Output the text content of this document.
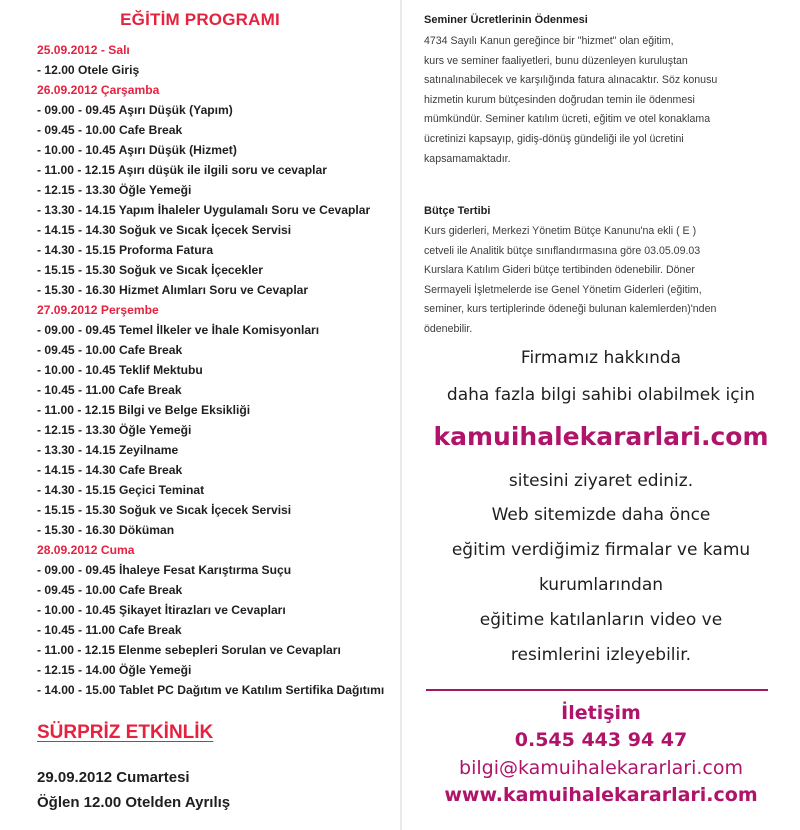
EĞİTİM PROGRAMI
25.09.2012 - Salı
- 12.00 Otele Giriş
26.09.2012 Çarşamba
- 09.00 - 09.45 Aşırı Düşük (Yapım)
- 09.45 - 10.00 Cafe Break
- 10.00 - 10.45 Aşırı Düşük (Hizmet)
- 11.00 - 12.15 Aşırı düşük ile ilgili soru ve cevaplar
- 12.15 - 13.30 Öğle Yemeği
- 13.30 - 14.15 Yapım İhaleler Uygulamalı Soru ve Cevaplar
- 14.15 - 14.30 Soğuk ve Sıcak İçecek Servisi
- 14.30 - 15.15 Proforma Fatura
- 15.15 - 15.30 Soğuk ve Sıcak İçecekler
- 15.30 - 16.30 Hizmet Alımları Soru ve Cevaplar
27.09.2012 Perşembe
- 09.00 - 09.45 Temel İlkeler ve İhale Komisyonları
- 09.45 - 10.00 Cafe Break
- 10.00 - 10.45 Teklif Mektubu
- 10.45 - 11.00 Cafe Break
- 11.00 - 12.15 Bilgi ve Belge Eksikliği
- 12.15 - 13.30 Öğle Yemeği
- 13.30 - 14.15 Zeyilname
- 14.15 - 14.30 Cafe Break
- 14.30 - 15.15 Geçici Teminat
- 15.15 - 15.30 Soğuk ve Sıcak İçecek Servisi
- 15.30 - 16.30 Döküman
28.09.2012 Cuma
- 09.00 - 09.45 İhaleye Fesat Karıştırma Suçu
- 09.45 - 10.00 Cafe Break
- 10.00 - 10.45 Şikayet İtirazları ve Cevapları
- 10.45 - 11.00 Cafe Break
- 11.00 - 12.15 Elenme sebepleri Sorulan ve Cevapları
- 12.15 - 14.00 Öğle Yemeği
- 14.00 - 15.00 Tablet PC Dağıtım ve Katılım Sertifika Dağıtımı
SÜRPRİZ ETKİNLİK
29.09.2012 Cumartesi
Öğlen 12.00 Otelden Ayrılış
Seminer Ücretlerinin Ödenmesi
4734 Sayılı Kanun gereğince bir "hizmet" olan eğitim,
kurs ve seminer faaliyetleri, bunu düzenleyen kuruluştan
satınalınabilecek ve karşılığında fatura alınacaktır. Söz konusu
hizmetin kurum bütçesinden doğrudan temin ile ödenmesi
mümkündür. Seminer katılım ücreti, eğitim ve otel konaklama
ücretinizi kapsayıp, gidiş-dönüş gündeliği ile yol ücretini
kapsamamaktadır.
Bütçe Tertibi
Kurs giderleri, Merkezi Yönetim Bütçe Kanunu'na ekli ( E )
cetveli ile Analitik bütçe sınıflandırmasına göre 03.05.09.03
Kurslara Katılım Gideri bütçe tertibinden ödenebilir. Döner
Sermayeli İşletmelerde ise Genel Yönetim Giderleri (eğitim,
seminer, kurs tertiplerinde ödeneği bulunan kalemlerden)'nden
ödenebilir.
Firmamız hakkında
daha fazla bilgi sahibi olabilmek için
kamuihalekararlari.com
sitesini ziyaret ediniz.
Web sitemizde daha önce
eğitim verdiğimiz firmalar ve kamu
kurumlarından
eğitime katılanların video ve
resimlerini izleyebilir.
İletişim
0.545 443 94 47
bilgi@kamuihalekararlari.com
www.kamuihalekararlari.com
